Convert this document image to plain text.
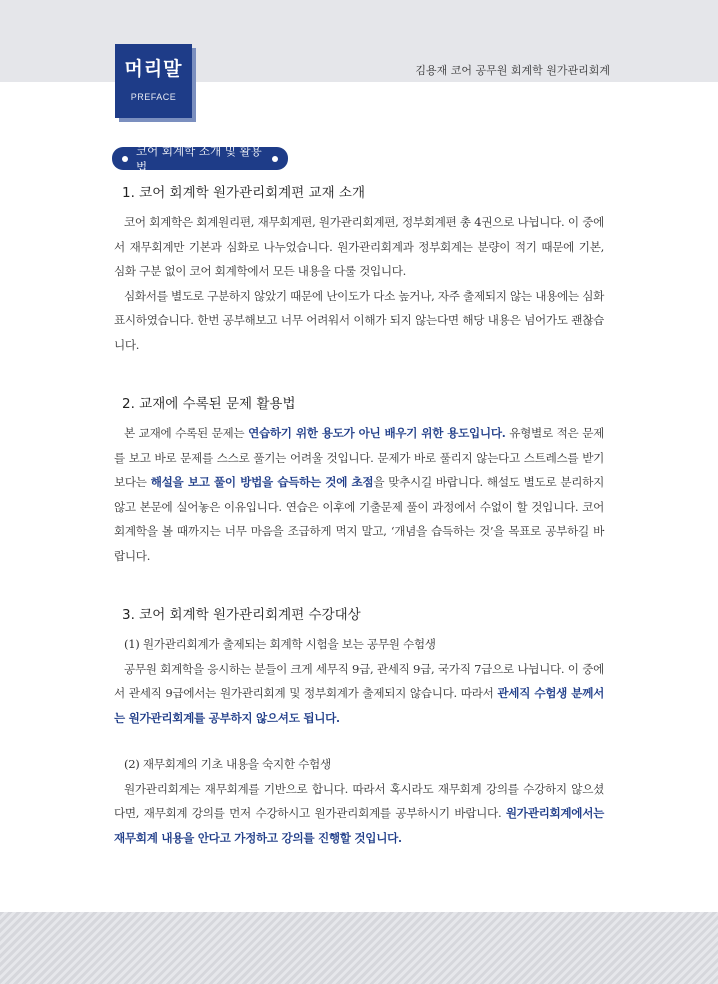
머리말
PREFACE
김용재 코어 공무원 회계학 원가관리회계
코어 회계학 소개 및 활용법
1. 코어 회계학 원가관리회계편 교재 소개

코어 회계학은 회계원리편, 재무회계편, 원가관리회계편, 정부회계편 총 4권으로 나뉩니다. 이 중에서 재무회계만 기본과 심화로 나누었습니다. 원가관리회계과 정부회계는 분량이 적기 때문에 기본, 심화 구분 없이 코어 회계학에서 모든 내용을 다룰 것입니다.

심화서를 별도로 구분하지 않았기 때문에 난이도가 다소 높거나, 자주 출제되지 않는 내용에는 심화 표시하였습니다. 한번 공부해보고 너무 어려워서 이해가 되지 않는다면 해당 내용은 넘어가도 괜찮습니다.

2. 교재에 수록된 문제 활용법

본 교재에 수록된 문제는 연습하기 위한 용도가 아닌 배우기 위한 용도입니다. 유형별로 적은 문제를 보고 바로 문제를 스스로 풀기는 어려울 것입니다. 문제가 바로 풀리지 않는다고 스트레스를 받기보다는 해설을 보고 풀이 방법을 습득하는 것에 초점을 맞추시길 바랍니다. 해설도 별도로 분리하지 않고 본문에 실어놓은 이유입니다. 연습은 이후에 기출문제 풀이 과정에서 수없이 할 것입니다. 코어 회계학을 볼 때까지는 너무 마음을 조급하게 먹지 말고, ‘개념을 습득하는 것’을 목표로 공부하길 바랍니다.

3. 코어 회계학 원가관리회계편 수강대상

(1) 원가관리회계가 출제되는 회계학 시험을 보는 공무원 수험생

공무원 회계학을 응시하는 분들이 크게 세무직 9급, 관세직 9급, 국가직 7급으로 나뉩니다. 이 중에서 관세직 9급에서는 원가관리회계 및 정부회계가 출제되지 않습니다. 따라서 관세직 수험생 분께서는 원가관리회계를 공부하지 않으셔도 됩니다.

(2) 재무회계의 기초 내용을 숙지한 수험생

원가관리회계는 재무회계를 기반으로 합니다. 따라서 혹시라도 재무회계 강의를 수강하지 않으셨다면, 재무회계 강의를 먼저 수강하시고 원가관리회계를 공부하시기 바랍니다. 원가관리회계에서는 재무회계 내용을 안다고 가정하고 강의를 진행할 것입니다.
